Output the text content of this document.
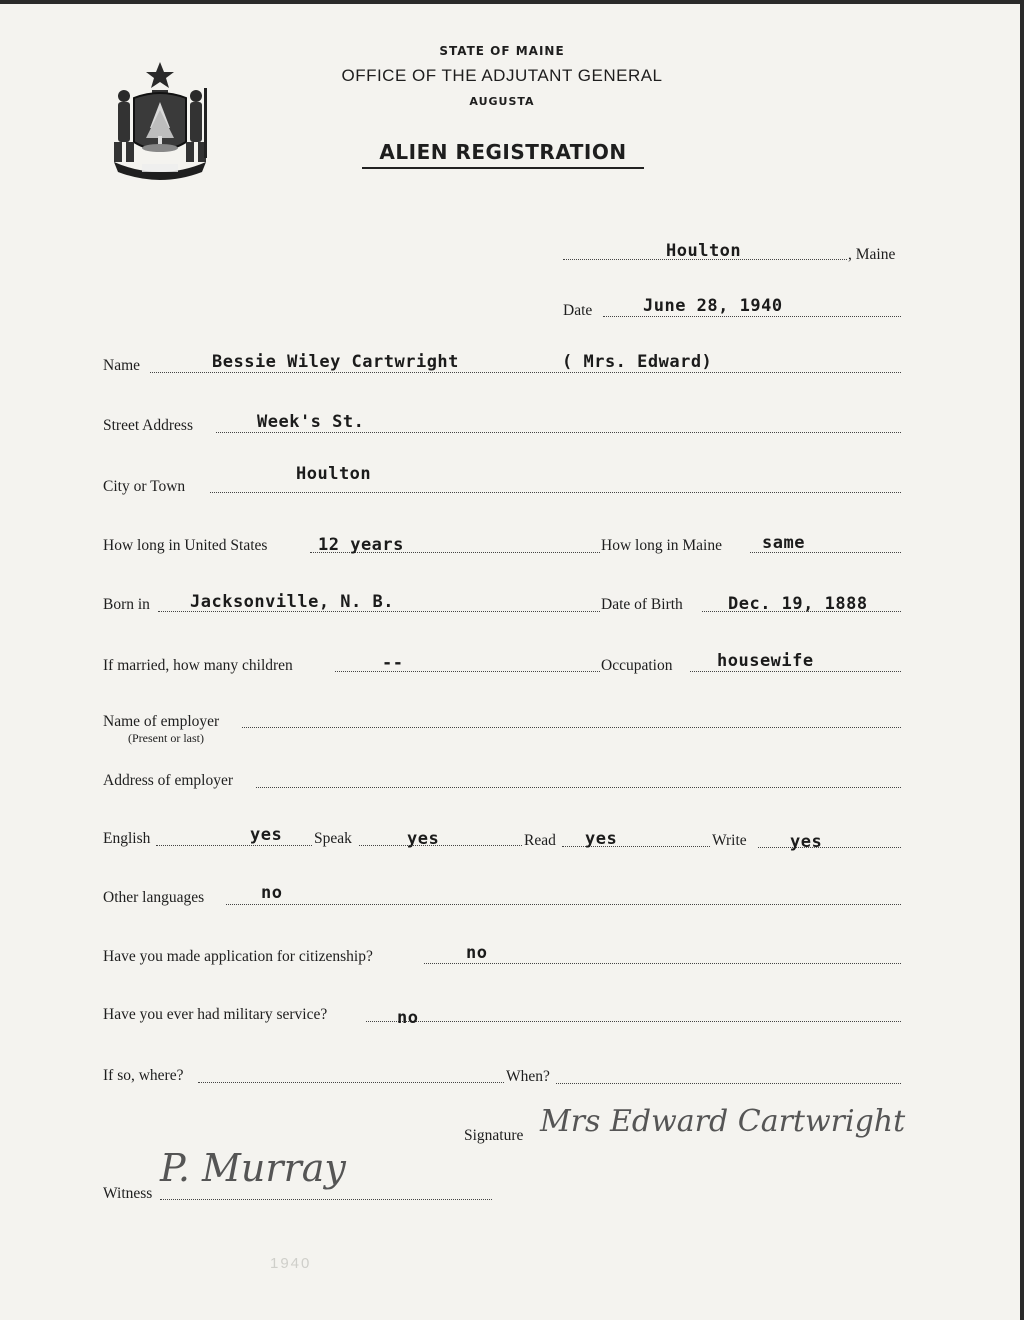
STATE OF MAINE
OFFICE OF THE ADJUTANT GENERAL
AUGUSTA
ALIEN REGISTRATION
Houlton	, Maine
Date	June 28, 1940
Name	Bessie Wiley Cartwright	( Mrs. Edward)
Street Address	Week's St.
City or Town
Houlton
How long in United States	12 years	How long in Maine same
Born in Jacksonville, N. B.	Date of Birth	Dec. 19, 1888
If married, how many children	--	Occupation	housewife
Name of employer
(Present or last)
Address of employer
English	yes Speak	yes	Read yes	Write	yes
Other languages	no
Have you made application for citizenship?	no
Have you ever had military service?	no
If so, where?	When?
Signature Mrs Edward Cartwright
Witness
P. Murray
1940
